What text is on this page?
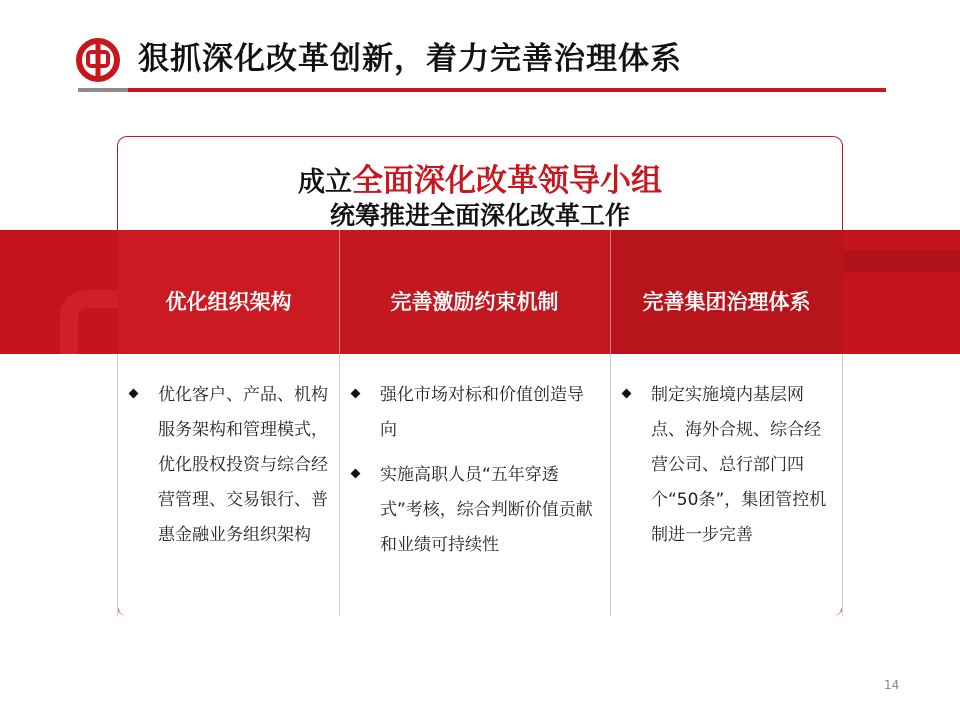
狠抓深化改革创新，着力完善治理体系
成立全面深化改革领导小组
统筹推进全面深化改革工作
优化组织架构	完善激励约束机制	完善集团治理体系
优化客户、产品、机构服务架构和管理模式，优化股权投资与综合经营管理、交易银行、普惠金融业务组织架构
强化市场对标和价值创造导向
实施高职人员“五年穿透式”考核，综合判断价值贡献和业绩可持续性
制定实施境内基层网点、海外合规、综合经营公司、总行部门四个“50条”，集团管控机制进一步完善
14
